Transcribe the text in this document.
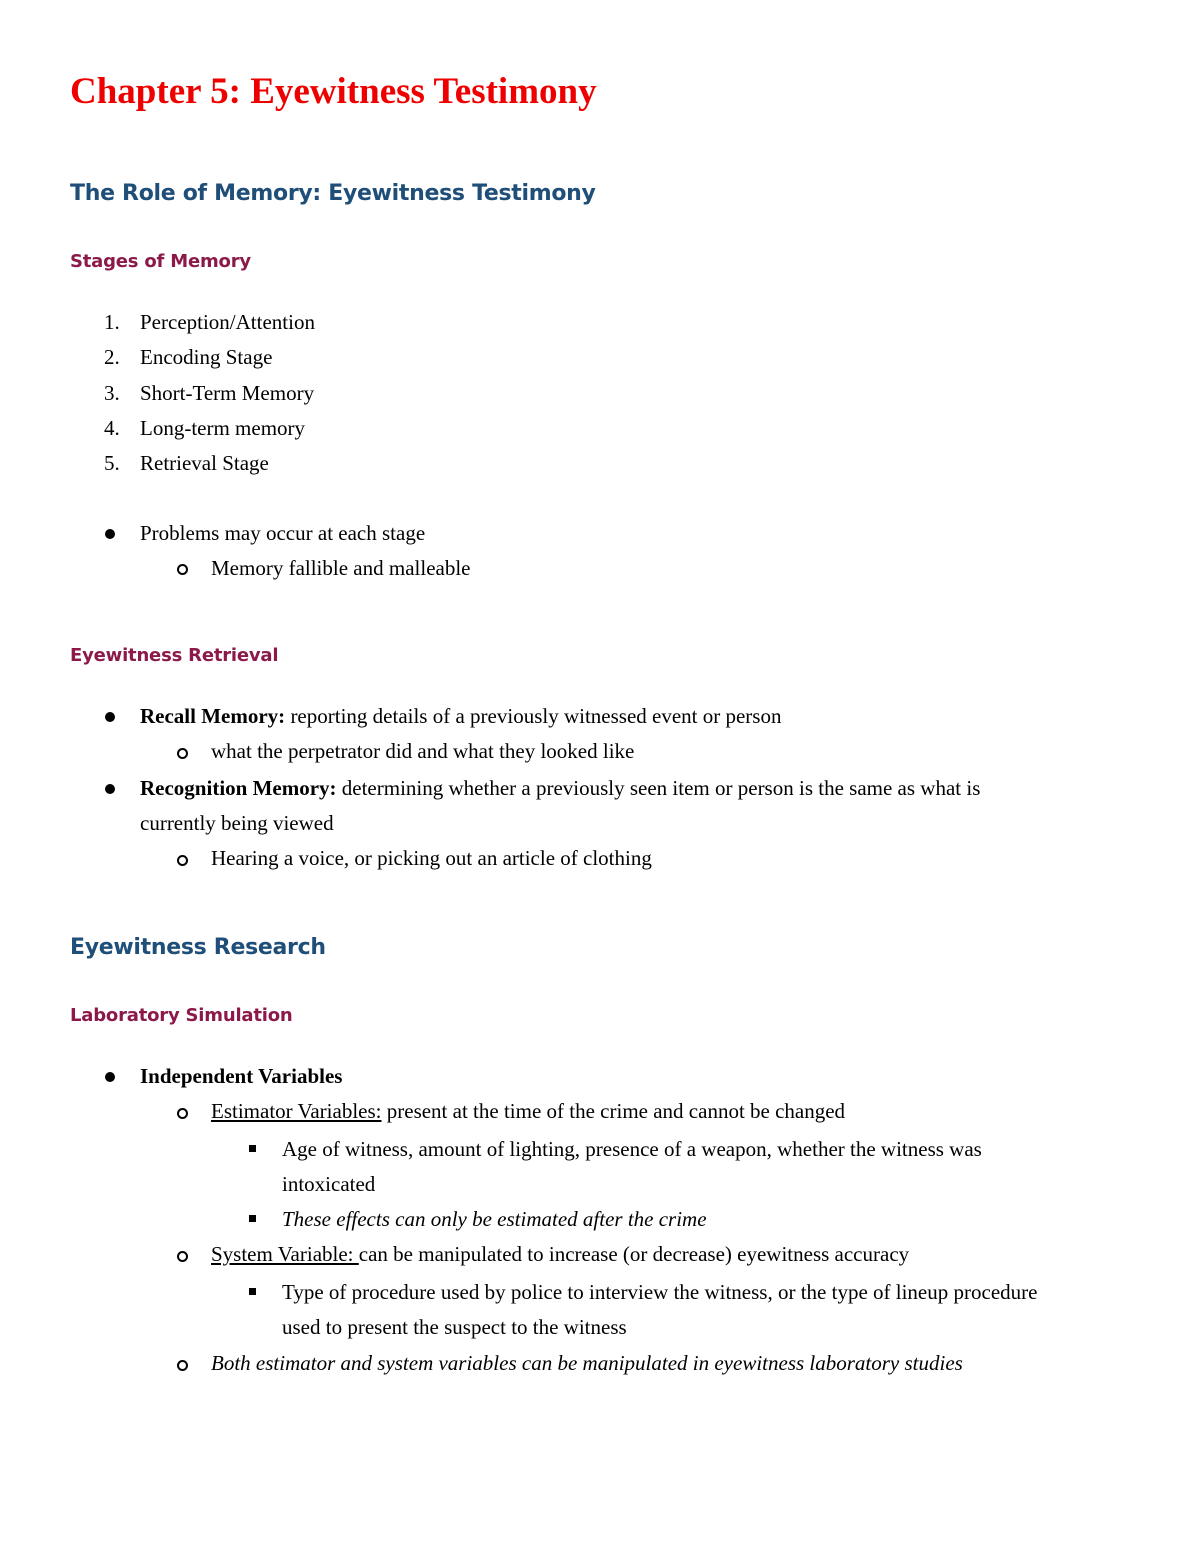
Chapter 5: Eyewitness Testimony
The Role of Memory: Eyewitness Testimony
Stages of Memory
1. Perception/Attention
2. Encoding Stage
3. Short-Term Memory
4. Long-term memory
5. Retrieval Stage
Problems may occur at each stage
Memory fallible and malleable
Eyewitness Retrieval
Recall Memory: reporting details of a previously witnessed event or person
what the perpetrator did and what they looked like
Recognition Memory: determining whether a previously seen item or person is the same as what is
currently being viewed
Hearing a voice, or picking out an article of clothing
Eyewitness Research
Laboratory Simulation
Independent Variables
Estimator Variables: present at the time of the crime and cannot be changed
Age of witness, amount of lighting, presence of a weapon, whether the witness was
intoxicated
These effects can only be estimated after the crime
System Variable: can be manipulated to increase (or decrease) eyewitness accuracy
Type of procedure used by police to interview the witness, or the type of lineup procedure
used to present the suspect to the witness
Both estimator and system variables can be manipulated in eyewitness laboratory studies
